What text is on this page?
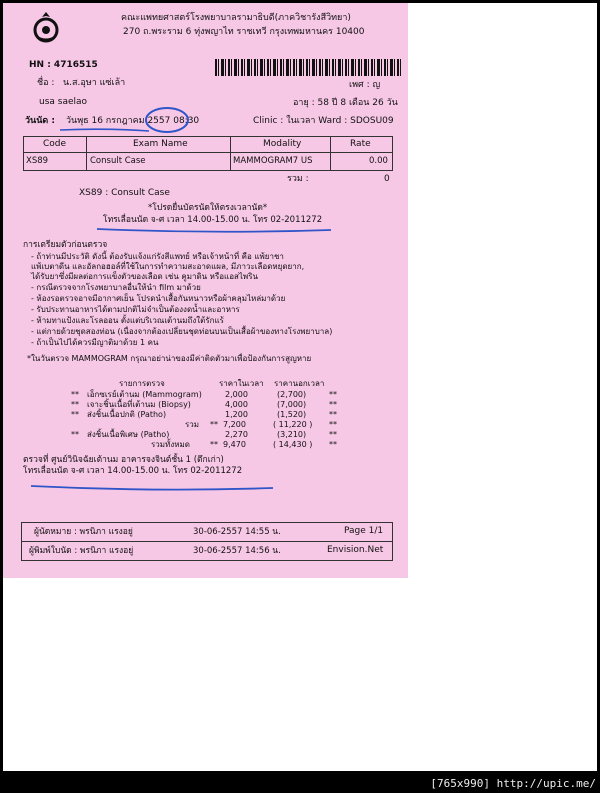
คณะแพทยศาสตร์โรงพยาบาลรามาธิบดี(ภาควิชารังสีวิทยา)
270 ถ.พระราม 6 ทุ่งพญาไท ราชเทวี กรุงเทพมหานคร 10400
HN : 4716515
ชื่อ : น.ส.อุษา แซ่เล้า	เพศ : ญ
usa saelao	อายุ : 58 ปี 8 เดือน 26 วัน
วันนัด : วันพุธ 16 กรกฎาคม 2557 08:30	Clinic : ในเวลา Ward : SDOSU09
Code	Exam Name	Modality	Rate
XS89	Consult Case	MAMMOGRAM7 US	0.00
รวม :	0
XS89 : Consult Case
*โปรดยื่นบัตรนัดให้ตรงเวลานัด*
โทรเลื่อนนัด จ-ศ เวลา 14.00-15.00 น. โทร 02-2011272
การเตรียมตัวก่อนตรวจ
- ถ้าท่านมีประวัติ ดังนี้ ต้องรับแจ้งแก่รังสีแพทย์ หรือเจ้าหน้าที่ คือ แพ้ยาชา
แพ้เบตาดีน และอัลกอฮอล์ที่ใช้ในการทำความสะอาดแผล, มีภาวะเลือดหยุดยาก,
ได้รับยาซึ่งมีผลต่อการแข็งตัวของเลือด เช่น คูมาดิน หรือแอสไพริน
- กรณีตรวจจากโรงพยาบาลอื่นให้นำ film มาด้วย
- ห้องรอตรวจอาจมีอากาศเย็น โปรดนำเสื้อกันหนาวหรือผ้าคลุมไหล่มาด้วย
- รับประทานอาหารได้ตามปกติไม่จำเป็นต้องงดน้ำและอาหาร
- ห้ามทาแป้งและโรลออน ตั้งแต่บริเวณเต้านมถึงใต้รักแร้
- แต่กายด้วยชุดสองท่อน (เนื่องจากต้องเปลี่ยนชุดท่อนบนเป็นเสื้อผ้าของทางโรงพยาบาล)
- ถ้าเป็นไปได้ควรมีญาติมาด้วย 1 คน
*ในวันตรวจ MAMMOGRAM กรุณาอย่าน่าของมีค่าติดตัวมาเพื่อป้องกันการสูญหาย
รายการตรวจ	ราคาในเวลา ราคานอกเวลา
** เอ็กซเรย์เต้านม (Mammogram)	2,000	(2,700)	**
** เจาะชิ้นเนื้อที่เต้านม (Biopsy)	4,000	(7,000)	**
** ส่งชิ้นเนื้อปกติ (Patho)	1,200	(1,520)	**
รวม ** 7,200	( 11,220 ) **
** ส่งชิ้นเนื้อพิเศษ (Patho)	2,270	(3,210)	**
รวมทั้งหมด	** 9,470	( 14,430 ) **
ตรวจที่ ศูนย์วินิจฉัยเต้านม อาคารจงจินต์ชั้น 1 (ตึกเก่า)
โทรเลื่อนนัด จ-ศ เวลา 14.00-15.00 น. โทร 02-2011272
ผู้นัดหมาย : พรนิภา แรงอยู่	30-06-2557 14:55 น.	Page 1/1
ผู้พิมพ์ใบนัด : พรนิภา แรงอยู่	30-06-2557 14:56 น.	Envision.Net
[765x990] http://upic.me/
